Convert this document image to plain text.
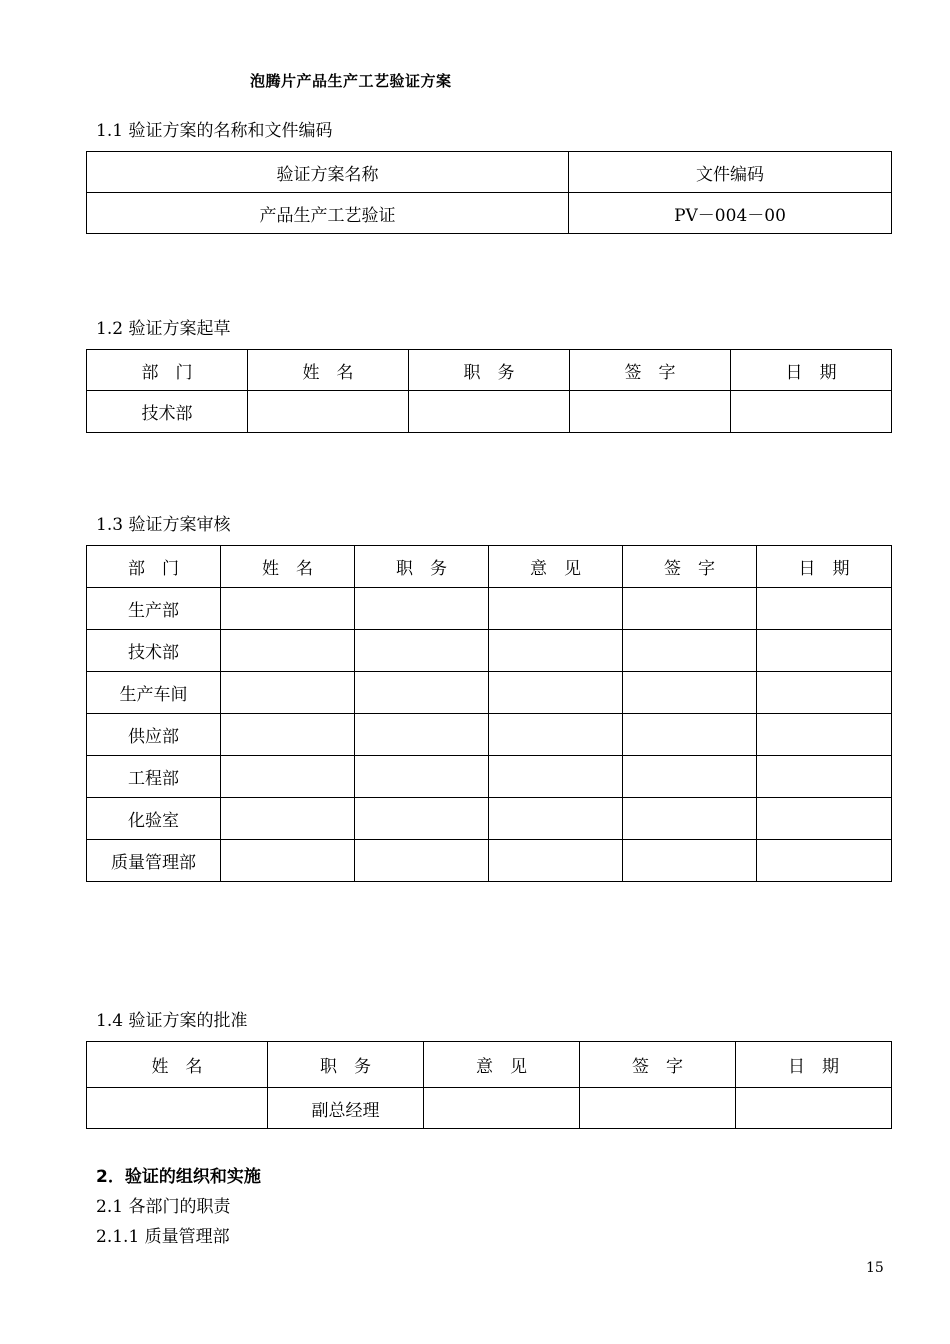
泡腾片产品生产工艺验证方案
1.1 验证方案的名称和文件编码
验证方案名称	文件编码
产品生产工艺验证	PV－004－00
1.2 验证方案起草
部　门	姓　名	职　务	签　字	日　期
技术部				
1.3 验证方案审核
部　门	姓　名	职　务	意　见	签　字	日　期
生产部					
技术部					
生产车间					
供应部					
工程部					
化验室					
质量管理部					
1.4 验证方案的批准
姓　名	职　务	意　见	签　字	日　期
	副总经理			
2．验证的组织和实施
2.1 各部门的职责
2.1.1 质量管理部
15
